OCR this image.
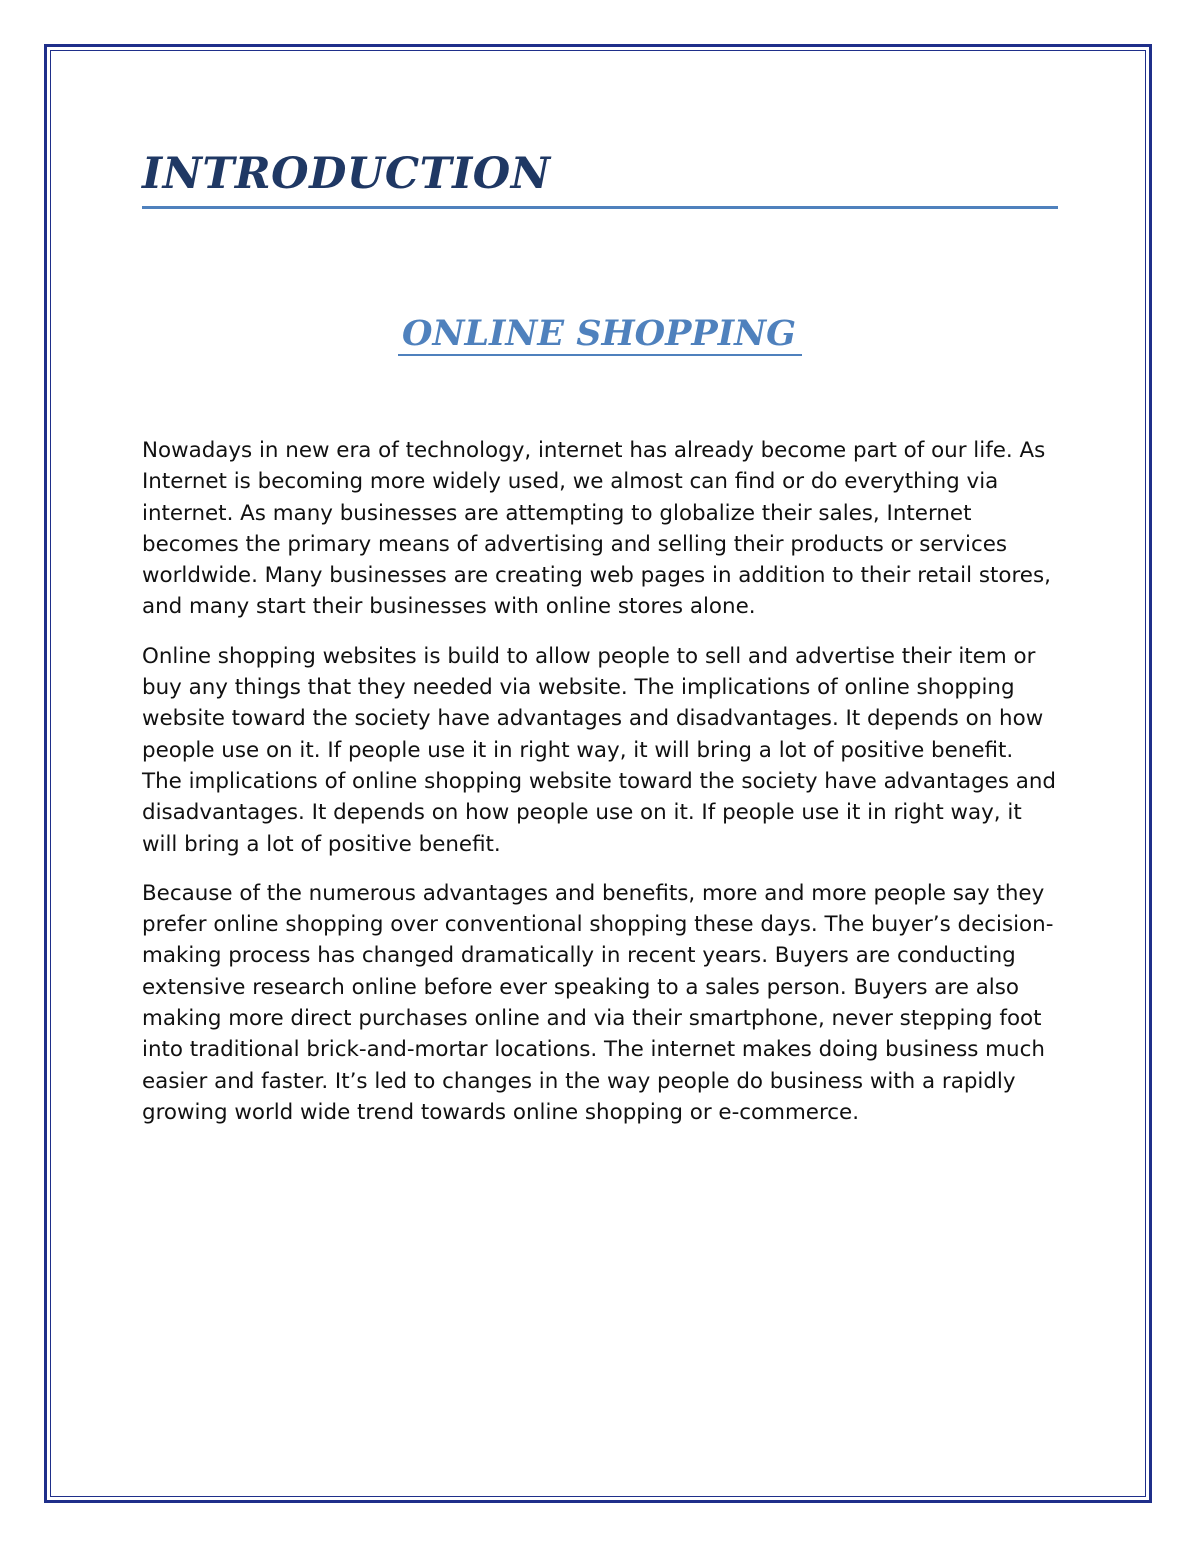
INTRODUCTION
ONLINE SHOPPING

Nowadays in new era of technology, internet has already become part of our life. As Internet is becoming more widely used, we almost can find or do everything via internet. As many businesses are attempting to globalize their sales, Internet becomes the primary means of advertising and selling their products or services worldwide. Many businesses are creating web pages in addition to their retail stores, and many start their businesses with online stores alone.

Online shopping websites is build to allow people to sell and advertise their item or buy any things that they needed via website. The implications of online shopping website toward the society have advantages and disadvantages. It depends on how people use on it. If people use it in right way, it will bring a lot of positive benefit. The implications of online shopping website toward the society have advantages and disadvantages. It depends on how people use on it. If people use it in right way, it will bring a lot of positive benefit.

Because of the numerous advantages and benefits, more and more people say they prefer online shopping over conventional shopping these days. The buyer’s decision-making process has changed dramatically in recent years. Buyers are conducting extensive research online before ever speaking to a sales person. Buyers are also making more direct purchases online and via their smartphone, never stepping foot into traditional brick-and-mortar locations. The internet makes doing business much easier and faster. It’s led to changes in the way people do business with a rapidly growing world wide trend towards online shopping or e-commerce.
